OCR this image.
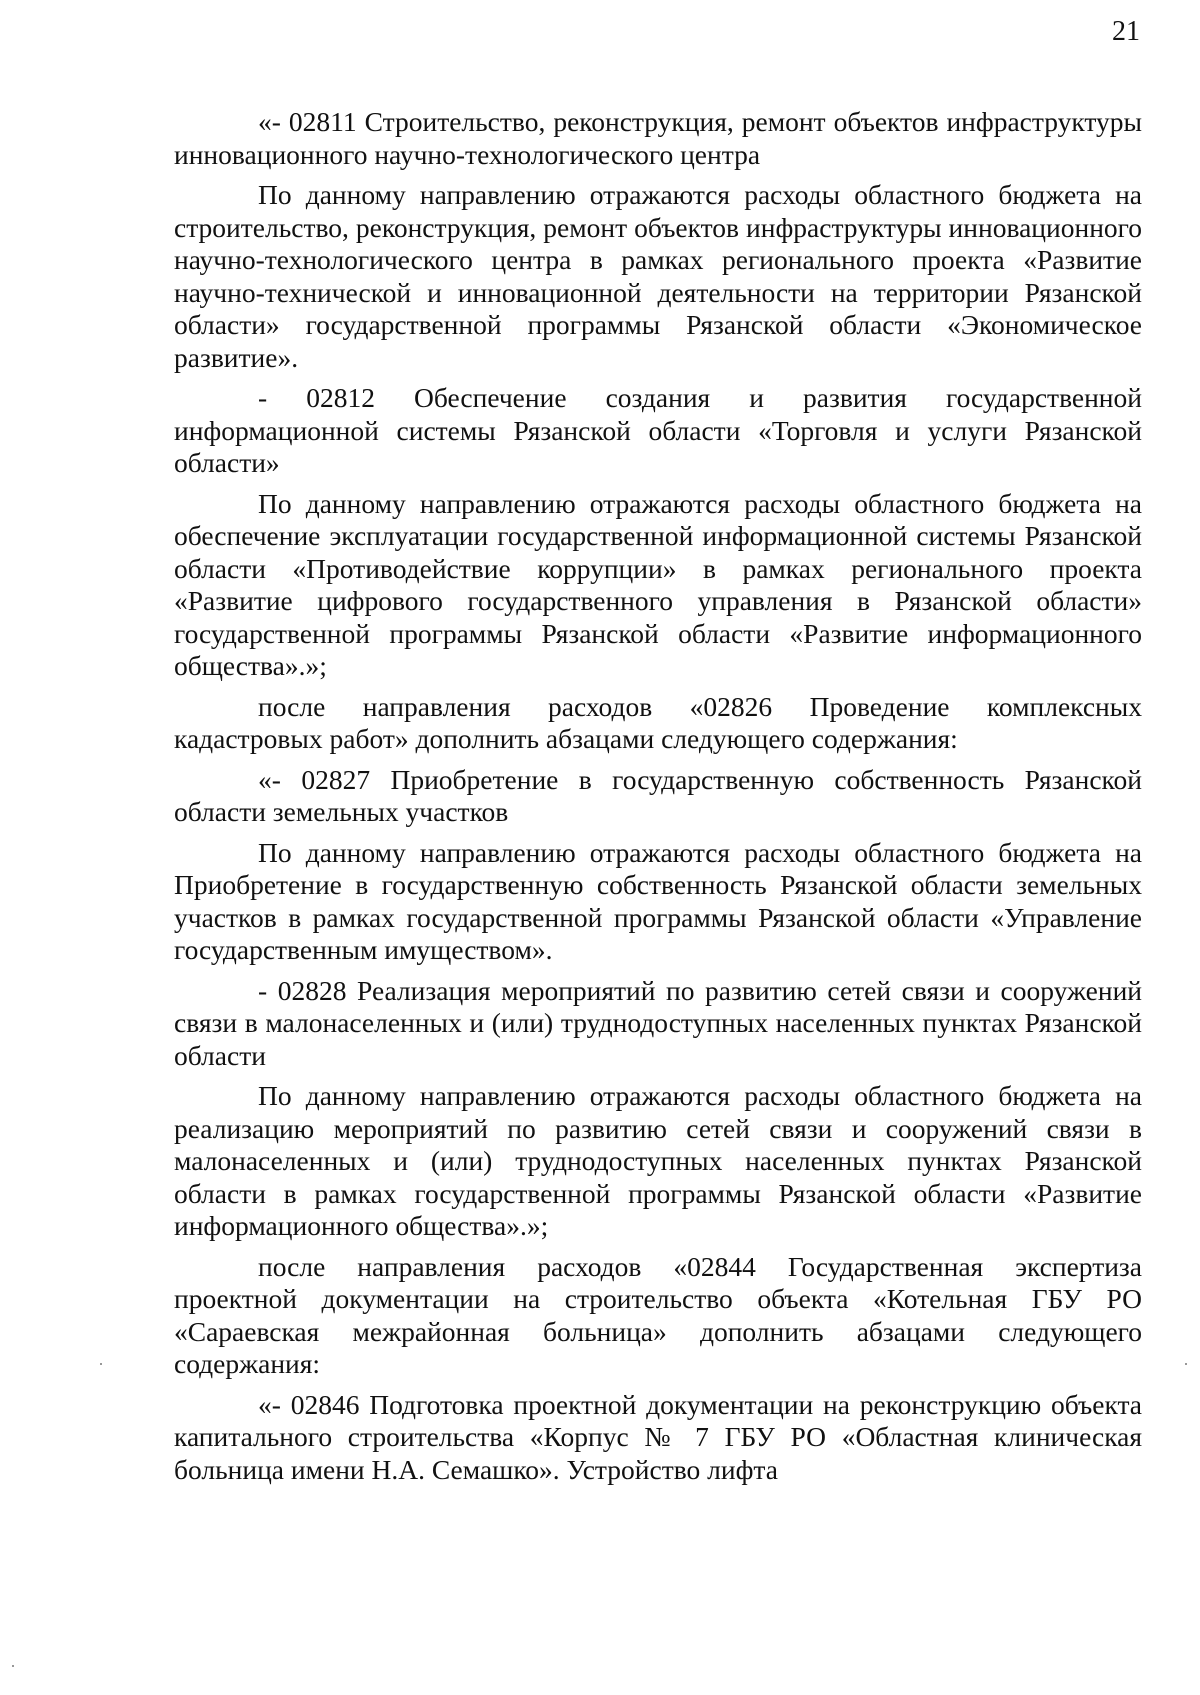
21

«- 02811 Строительство, реконструкция, ремонт объектов инфраструктуры инновационного научно-технологического центра

По данному направлению отражаются расходы областного бюджета на строительство, реконструкция, ремонт объектов инфраструктуры инновационного научно-технологического центра в рамках регионального проекта «Развитие научно-технической и инновационной деятельности на территории Рязанской области» государственной программы Рязанской области «Экономическое развитие».

- 02812 Обеспечение создания и развития государственной информационной системы Рязанской области «Торговля и услуги Рязанской области»

По данному направлению отражаются расходы областного бюджета на обеспечение эксплуатации государственной информационной системы Рязанской области «Противодействие коррупции» в рамках регионального проекта «Развитие цифрового государственного управления в Рязанской области» государственной программы Рязанской области «Развитие информационного общества».»;

после направления расходов «02826 Проведение комплексных кадастровых работ» дополнить абзацами следующего содержания:

«- 02827 Приобретение в государственную собственность Рязанской области земельных участков

По данному направлению отражаются расходы областного бюджета на Приобретение в государственную собственность Рязанской области земельных участков в рамках государственной программы Рязанской области «Управление государственным имуществом».

- 02828 Реализация мероприятий по развитию сетей связи и сооружений связи в малонаселенных и (или) труднодоступных населенных пунктах Рязанской области

По данному направлению отражаются расходы областного бюджета на реализацию мероприятий по развитию сетей связи и сооружений связи в малонаселенных и (или) труднодоступных населенных пунктах Рязанской области в рамках государственной программы Рязанской области «Развитие информационного общества».»;

после направления расходов «02844 Государственная экспертиза проектной документации на строительство объекта «Котельная ГБУ РО «Сараевская межрайонная больница» дополнить абзацами следующего содержания:

«- 02846 Подготовка проектной документации на реконструкцию объекта капитального строительства «Корпус № 7 ГБУ РО «Областная клиническая больница имени Н.А. Семашко». Устройство лифта
